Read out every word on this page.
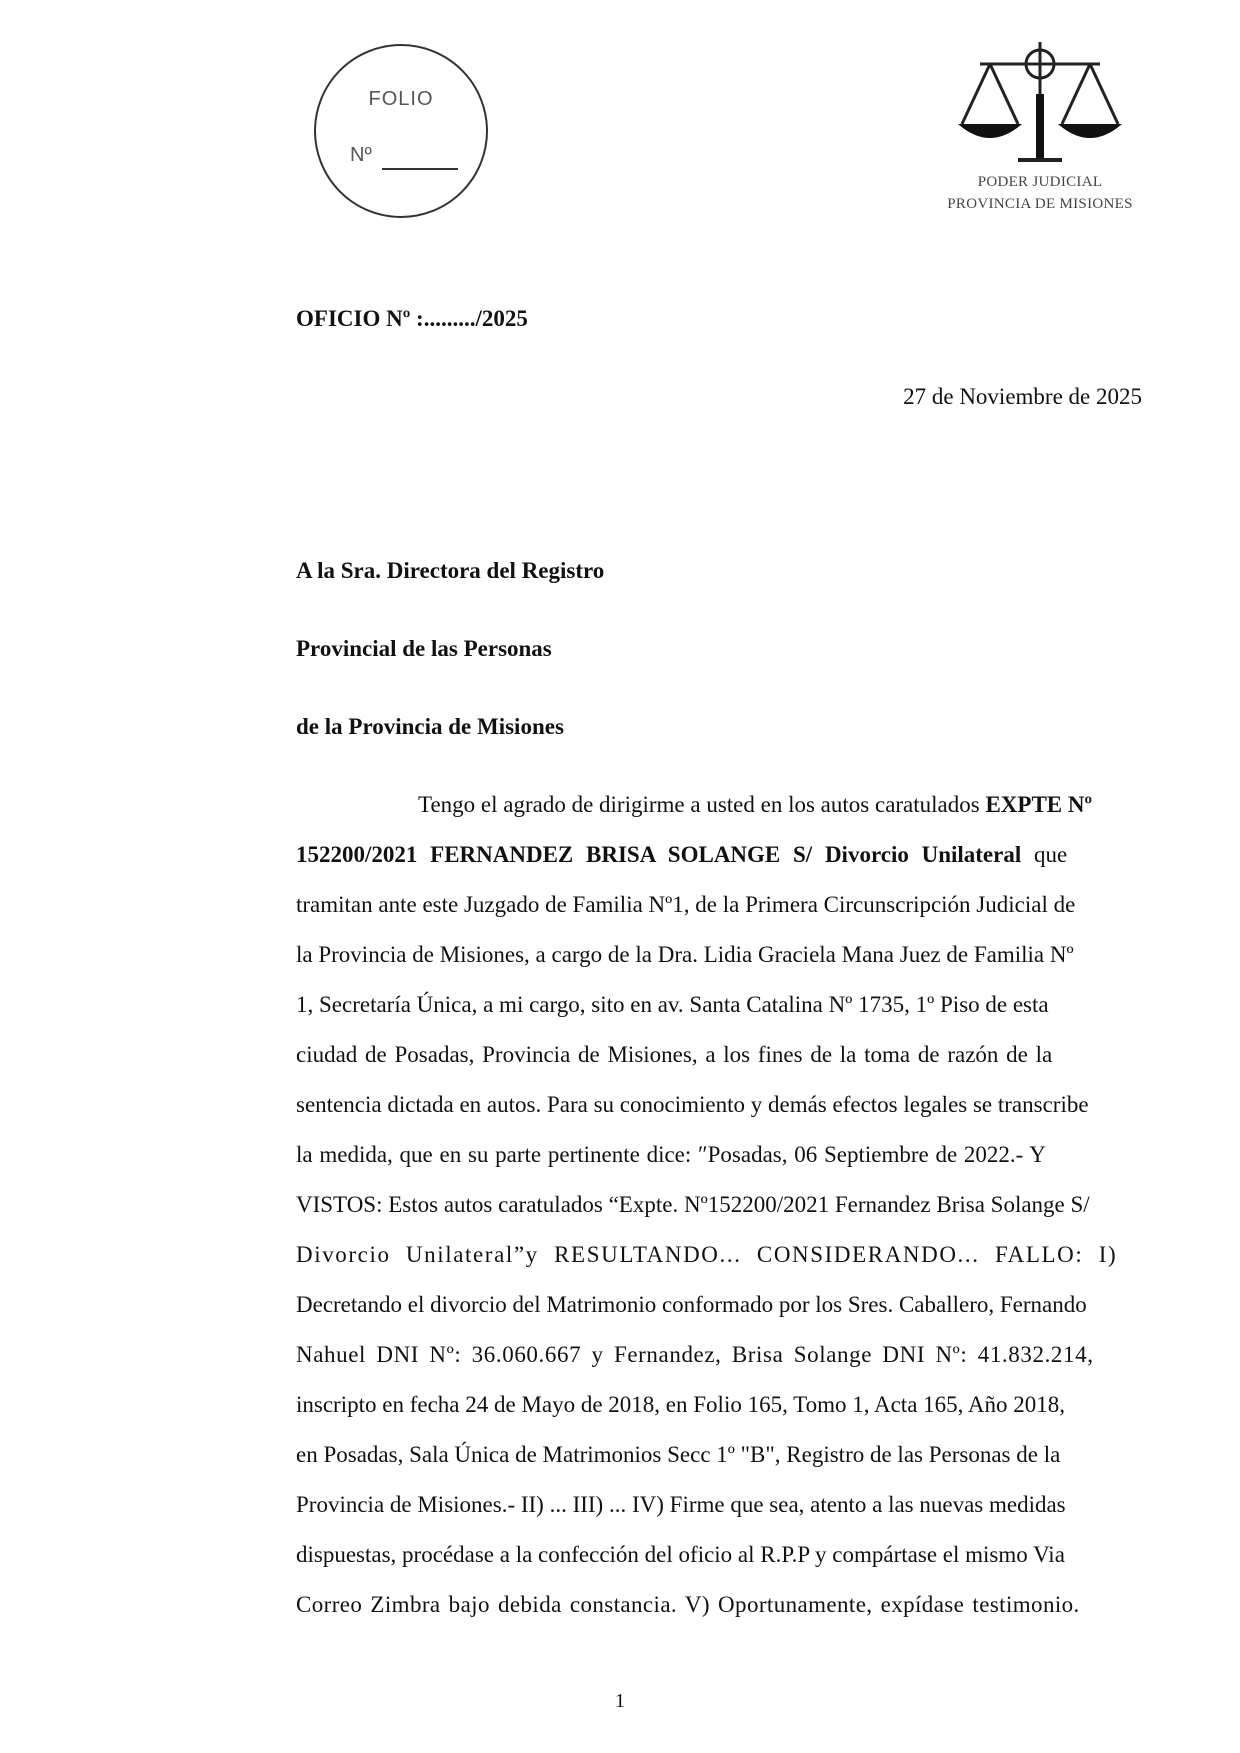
FOLIO
Nº
PODER JUDICIAL
PROVINCIA DE MISIONES
OFICIO Nº :........./2025
27 de Noviembre de 2025
A la Sra. Directora del Registro
Provincial de las Personas
de la Provincia de Misiones
Tengo el agrado de dirigirme a usted en los autos caratulados EXPTE Nº
152200/2021 FERNANDEZ BRISA SOLANGE S/ Divorcio Unilateral que
tramitan ante este Juzgado de Familia Nº1, de la Primera Circunscripción Judicial de
la Provincia de Misiones, a cargo de la Dra. Lidia Graciela Mana Juez de Familia Nº
1, Secretaría Única, a mi cargo, sito en av. Santa Catalina Nº 1735, 1º Piso de esta
ciudad de Posadas, Provincia de Misiones, a los fines de la toma de razón de la
sentencia dictada en autos. Para su conocimiento y demás efectos legales se transcribe
la medida, que en su parte pertinente dice: ″Posadas, 06 Septiembre de 2022.- Y
VISTOS: Estos autos caratulados “Expte. Nº152200/2021 Fernandez Brisa Solange S/
Divorcio Unilateral”y RESULTANDO... CONSIDERANDO... FALLO: I)
Decretando el divorcio del Matrimonio conformado por los Sres. Caballero, Fernando
Nahuel DNI Nº: 36.060.667 y Fernandez, Brisa Solange DNI Nº: 41.832.214,
inscripto en fecha 24 de Mayo de 2018, en Folio 165, Tomo 1, Acta 165, Año 2018,
en Posadas, Sala Única de Matrimonios Secc 1º "B", Registro de las Personas de la
Provincia de Misiones.- II) ... III) ... IV) Firme que sea, atento a las nuevas medidas
dispuestas, procédase a la confección del oficio al R.P.P y compártase el mismo Via
Correo Zimbra bajo debida constancia. V) Oportunamente, expídase testimonio.
1
